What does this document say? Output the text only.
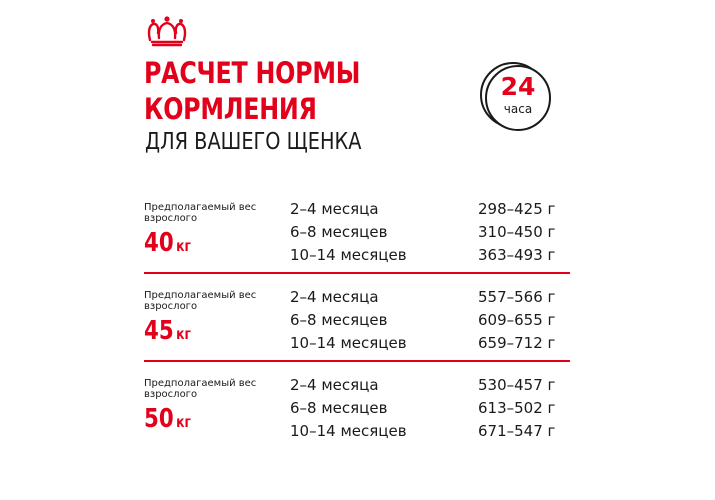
РАСЧЕТ НОРМЫ
КОРМЛЕНИЯ
ДЛЯ ВАШЕГО ЩЕНКА
24
часа
Предполагаемый вес взрослого
40 кг
2–4 месяца	298–425 г
6–8 месяцев	310–450 г
10–14 месяцев	363–493 г
Предполагаемый вес взрослого
45 кг
2–4 месяца	557–566 г
6–8 месяцев	609–655 г
10–14 месяцев	659–712 г
Предполагаемый вес взрослого
50 кг
2–4 месяца	530–457 г
6–8 месяцев	613–502 г
10–14 месяцев	671–547 г
